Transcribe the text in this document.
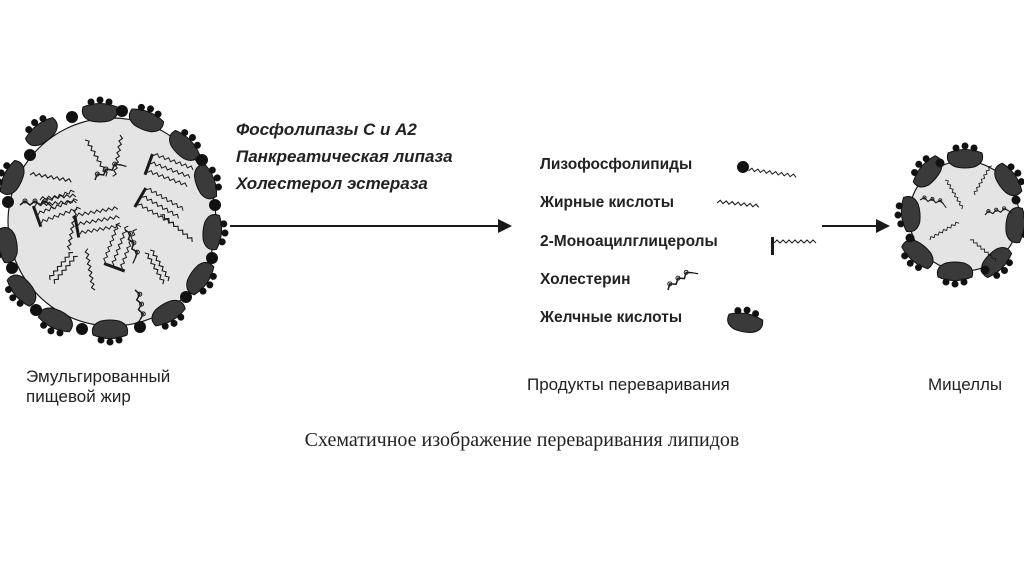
Фосфолипазы С и А2
Панкреатическая липаза
Холестерол эстераза
Лизофосфолипиды
Жирные кислоты
2-Моноацилглицеролы
Холестерин
Желчные кислоты
Эмульгированный пищевой жир
Продукты переваривания	Мицеллы
Схематичное изображение переваривания липидов
